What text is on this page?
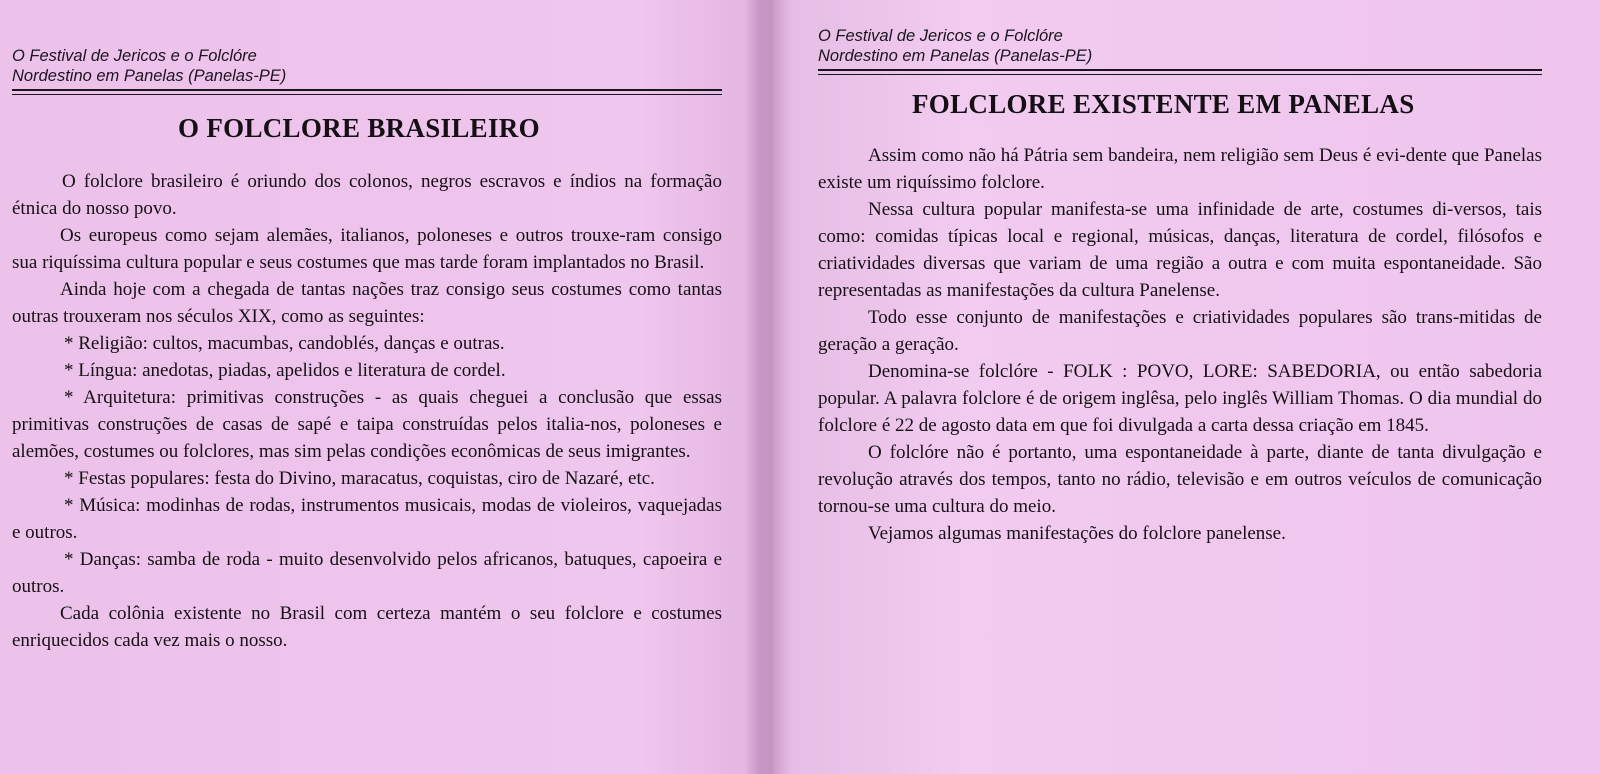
O Festival de Jericos e o Folclóre
Nordestino em Panelas (Panelas-PE)
O FOLCLORE BRASILEIRO

O folclore brasileiro é oriundo dos colonos, negros escravos e índios na formação étnica do nosso povo.

Os europeus como sejam alemães, italianos, poloneses e outros trouxe-ram consigo sua riquíssima cultura popular e seus costumes que mas tarde foram implantados no Brasil.

Ainda hoje com a chegada de tantas nações traz consigo seus costumes como tantas outras trouxeram nos séculos XIX, como as seguintes:

* Religião: cultos, macumbas, candoblés, danças e outras.

* Língua: anedotas, piadas, apelidos e literatura de cordel.

* Arquitetura: primitivas construções - as quais cheguei a conclusão que essas primitivas construções de casas de sapé e taipa construídas pelos italia-nos, poloneses e alemões, costumes ou folclores, mas sim pelas condições econômicas de seus imigrantes.

* Festas populares: festa do Divino, maracatus, coquistas, ciro de Nazaré, etc.

* Música: modinhas de rodas, instrumentos musicais, modas de violeiros, vaquejadas e outros.

* Danças: samba de roda - muito desenvolvido pelos africanos, batuques, capoeira e outros.

Cada colônia existente no Brasil com certeza mantém o seu folclore e costumes enriquecidos cada vez mais o nosso.

O Festival de Jericos e o Folclóre
Nordestino em Panelas (Panelas-PE)
FOLCLORE EXISTENTE EM PANELAS

Assim como não há Pátria sem bandeira, nem religião sem Deus é evi-dente que Panelas existe um riquíssimo folclore.

Nessa cultura popular manifesta-se uma infinidade de arte, costumes di-versos, tais como: comidas típicas local e regional, músicas, danças, literatura de cordel, filósofos e criatividades diversas que variam de uma região a outra e com muita espontaneidade. São representadas as manifestações da cultura Panelense.

Todo esse conjunto de manifestações e criatividades populares são trans-mitidas de geração a geração.

Denomina-se folclóre - FOLK : POVO, LORE: SABEDORIA, ou então sabedoria popular. A palavra folclore é de origem inglêsa, pelo inglês William Thomas. O dia mundial do folclore é 22 de agosto data em que foi divulgada a carta dessa criação em 1845.

O folclóre não é portanto, uma espontaneidade à parte, diante de tanta divulgação e revolução através dos tempos, tanto no rádio, televisão e em outros veículos de comunicação tornou-se uma cultura do meio.

Vejamos algumas manifestações do folclore panelense.
